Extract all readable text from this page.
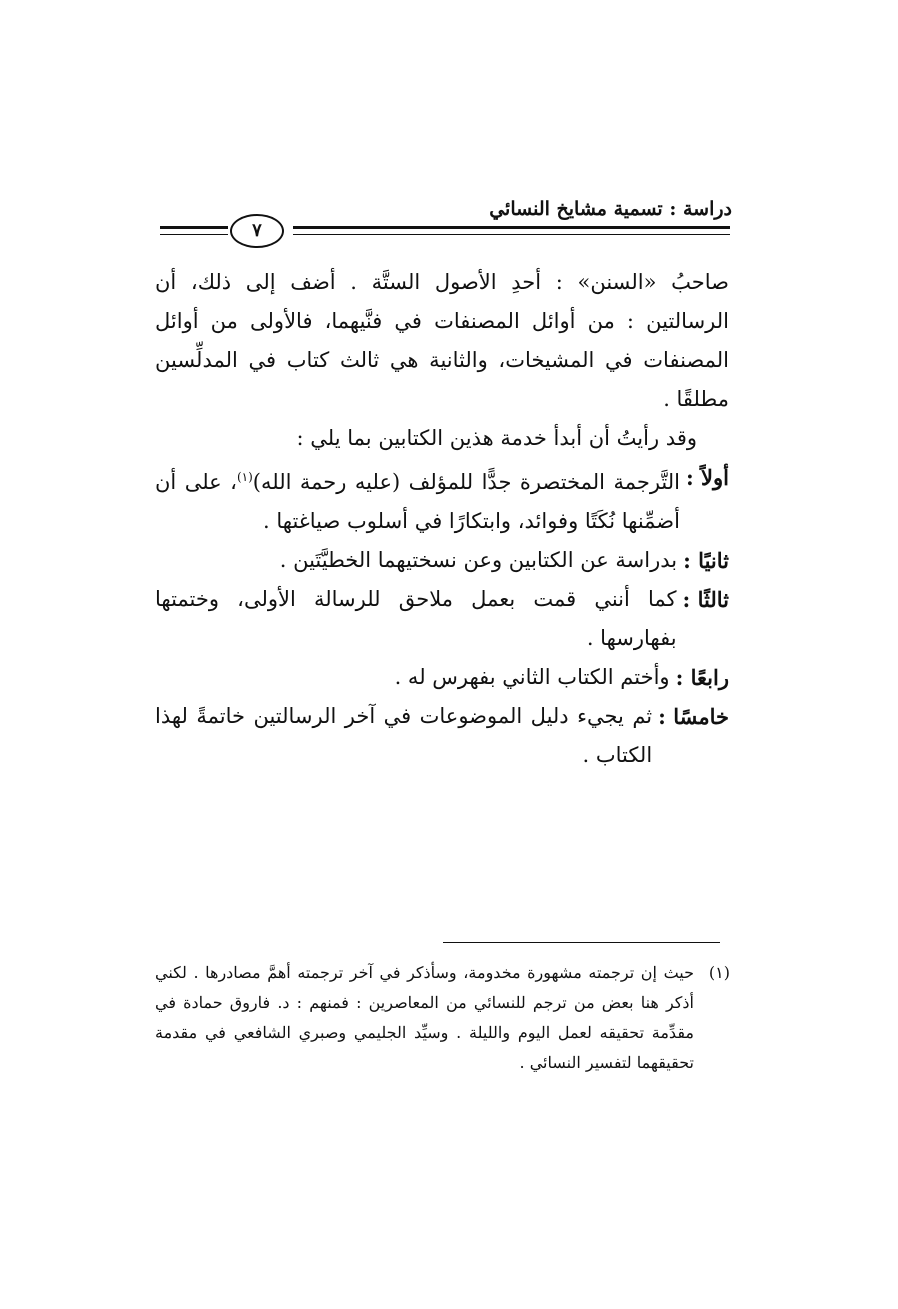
دراسة : تسمية مشايخ النسائي
٧

صاحبُ «السنن» : أحدِ الأصول الستَّة . أضف إلى ذلك، أن الرسالتين : من أوائل المصنفات في فنَّيهما، فالأولى من أوائل المصنفات في المشيخات، والثانية هي ثالث كتاب في المدلِّسين مطلقًا .

وقد رأيتُ أن أبدأ خدمة هذين الكتابين بما يلي :

أولاً :
التَّرجمة المختصرة جدًّا للمؤلف (عليه رحمة الله)$^{(١)}$، على أن أضمِّنها نُكَتًا وفوائد، وابتكارًا في أسلوب صياغتها .
ثانيًا :
بدراسة عن الكتابين وعن نسختيهما الخطيَّتَين .
ثالثًا :
كما أنني قمت بعمل ملاحق للرسالة الأولى، وختمتها بفهارسها .
رابعًا :
وأختم الكتاب الثاني بفهرس له .
خامسًا :
ثم يجيء دليل الموضوعات في آخر الرسالتين خاتمةً لهذا الكتاب .
(١)
حيث إن ترجمته مشهورة مخدومة، وسأذكر في آخر ترجمته أهمَّ مصادرها . لكني أذكر هنا بعض من ترجم للنسائي من المعاصرين : فمنهم : د. فاروق حمادة في مقدِّمة تحقيقه لعمل اليوم والليلة . وسيِّد الجليمي وصبري الشافعي في مقدمة تحقيقهما لتفسير النسائي .
